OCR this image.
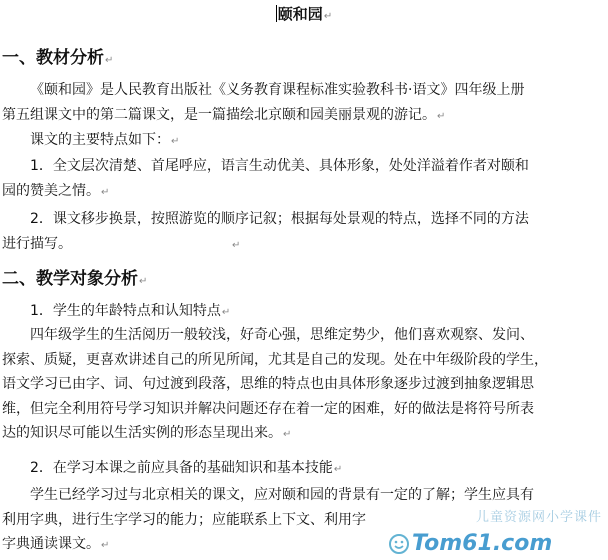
颐和园↵
一、教材分析↵
《颐和园》是人民教育出版社《义务教育课程标准实验教科书·语文》四年级上册
第五组课文中的第二篇课文，是一篇描绘北京颐和园美丽景观的游记。↵
课文的主要特点如下：↵
1．全文层次清楚、首尾呼应，语言生动优美、具体形象，处处洋溢着作者对颐和
园的赞美之情。↵
2．课文移步换景，按照游览的顺序记叙；根据每处景观的特点，选择不同的方法
进行描写。	↵
二、教学对象分析↵
1．学生的年龄特点和认知特点↵
四年级学生的生活阅历一般较浅，好奇心强，思维定势少，他们喜欢观察、发问、
探索、质疑，更喜欢讲述自己的所见所闻，尤其是自己的发现。处在中年级阶段的学生，
语文学习已由字、词、句过渡到段落，思维的特点也由具体形象逐步过渡到抽象逻辑思
维，但完全利用符号学习知识并解决问题还存在着一定的困难，好的做法是将符号所表
达的知识尽可能以生活实例的形态呈现出来。↵
2．在学习本课之前应具备的基础知识和基本技能↵
学生已经学习过与北京相关的课文，应对颐和园的背景有一定的了解；学生应具有
利用字典，进行生字学习的能力；应能联系上下文、利用字
字典通读课文。↵
儿童资源网小学课件
Tom61.com
